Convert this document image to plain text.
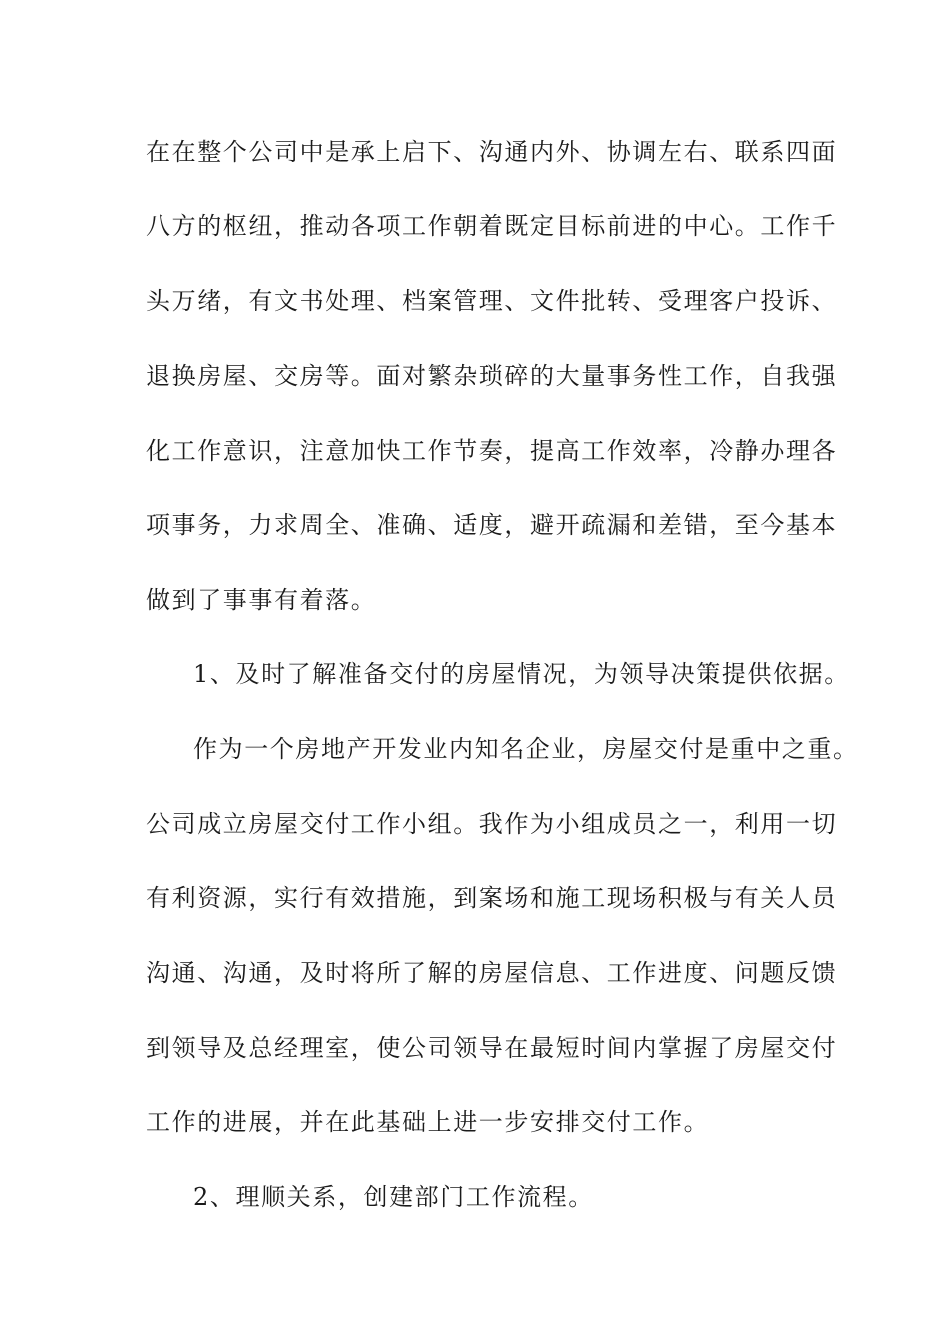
在在整个公司中是承上启下、沟通内外、协调左右、联系四面
八方的枢纽，推动各项工作朝着既定目标前进的中心。工作千
头万绪，有文书处理、档案管理、文件批转、受理客户投诉、
退换房屋、交房等。面对繁杂琐碎的大量事务性工作，自我强
化工作意识，注意加快工作节奏，提高工作效率，冷静办理各
项事务，力求周全、准确、适度，避开疏漏和差错，至今基本
做到了事事有着落。
1、及时了解准备交付的房屋情况，为领导决策提供依据。
作为一个房地产开发业内知名企业，房屋交付是重中之重。
公司成立房屋交付工作小组。我作为小组成员之一，利用一切
有利资源，实行有效措施，到案场和施工现场积极与有关人员
沟通、沟通，及时将所了解的房屋信息、工作进度、问题反馈
到领导及总经理室，使公司领导在最短时间内掌握了房屋交付
工作的进展，并在此基础上进一步安排交付工作。
2、理顺关系，创建部门工作流程。
